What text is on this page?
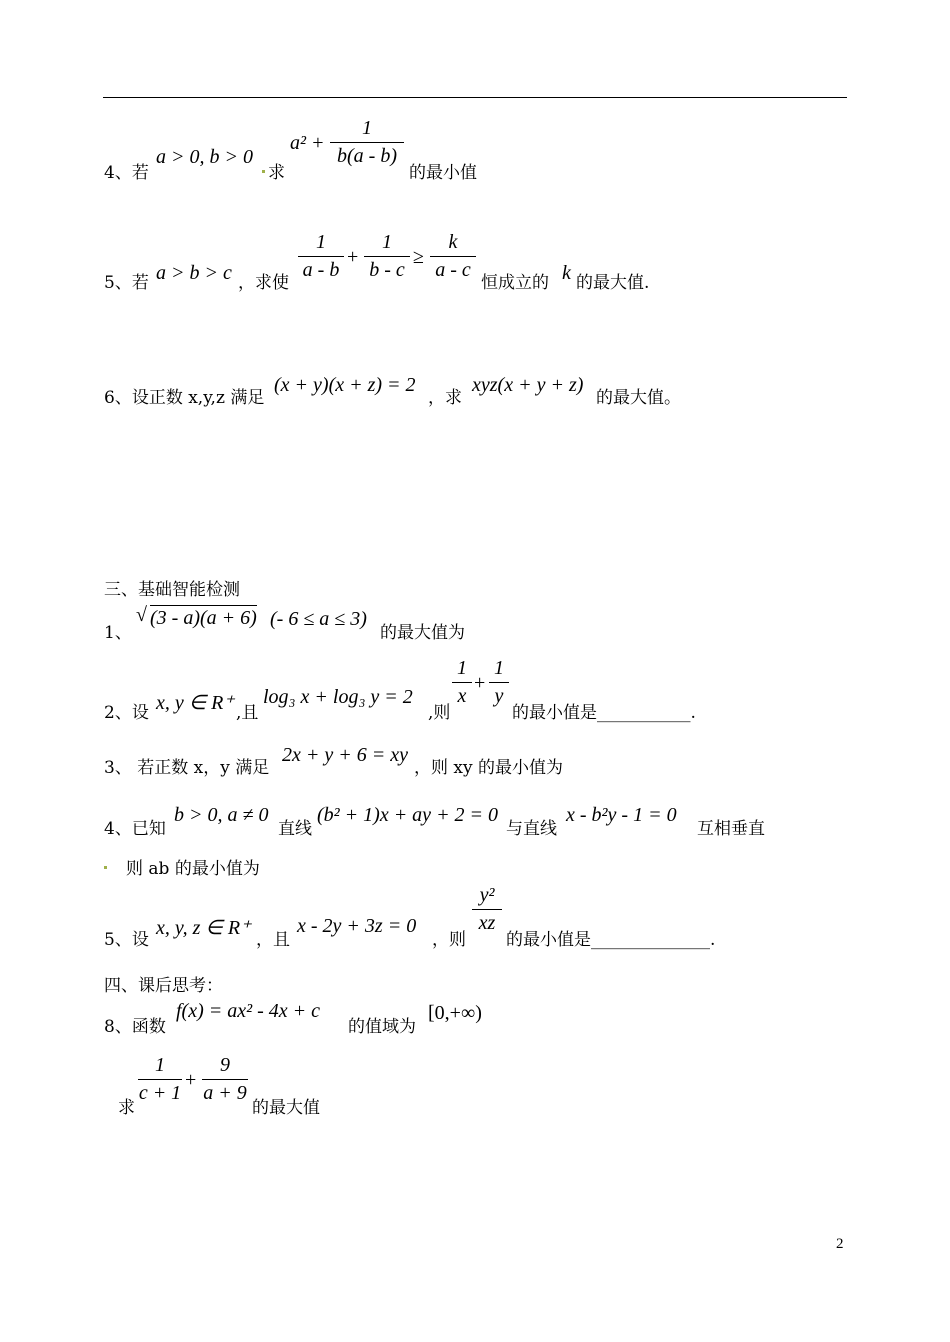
4、若
a > 0, b > 0
求
$a^2 + \frac{1}{b(a - b)}$
的最小值
5、若 a > b > c ，求使
$\frac{1}{a - b} + \frac{1}{b - c} \ge \frac{k}{a - c}$
恒成立的 k 的最大值.
6、设正数 x,y,z 满足
(x + y)(x + z) = 2
，求
xyz(x + y + z)
的最大值。
三、基础智能检测
1、
√ (3 - a)(a + 6) (- 6 ≤ a ≤ 3)
的最大值为
2、设 x, y ∈ R⁺ ,且
log₃ x + log₃ y = 2
,则
$\frac{1}{x} + \frac{1}{y}$
的最小值是___________.
3、 若正数 x，y 满足
2x + y + 6 = xy
，则 xy 的最小值为
4、已知
b > 0, a ≠ 0
直线
(b² + 1)x + ay + 2 = 0
与直线
x - b²y - 1 = 0
互相垂直
则 ab 的最小值为
5、设
x, y, z ∈ R⁺
，且
x - 2y + 3z = 0
，则
$\frac{\text{y²}}{xz}$
的最小值是______________.
四、课后思考：
8、函数
f(x) = ax² - 4x + c
的值域为
[0,+∞)
求
$\frac{1}{c + 1} + \frac{9}{a + 9}$
的最大值
2
